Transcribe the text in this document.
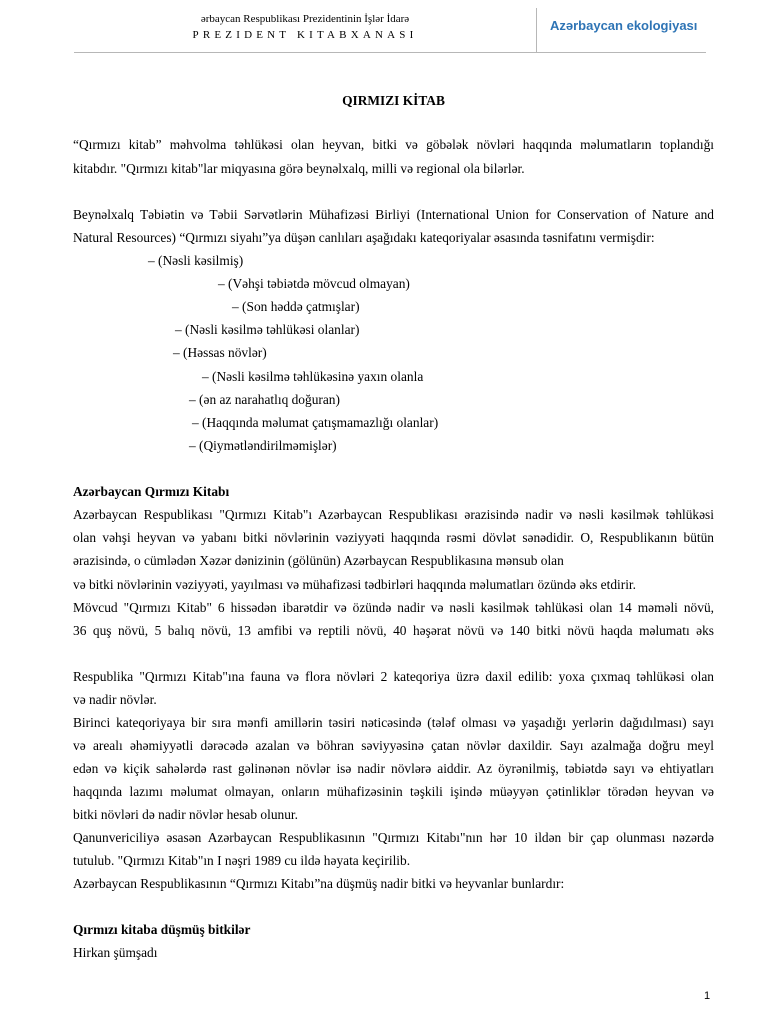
ərbaycan Respublikası Prezidentinin İşlər İdarə
PREZIDENT KITABXANASI
Azərbaycan ekologiyası
QIRMIZI KİTAB
“Qırmızı kitab” məhvolma təhlükəsi olan heyvan, bitki və göbələk növləri haqqında məlumatların toplandığı
kitabdır. "Qırmızı kitab"lar miqyasına görə beynəlxalq, milli və regional ola bilərlər.
Beynəlxalq Təbiətin və Təbii Sərvətlərin Mühafizəsi Birliyi (International Union for Conservation of Nature and
Natural Resources) “Qırmızı siyahı”ya düşən canlıları aşağıdakı kateqoriyalar əsasında təsnifatını vermişdir:
– (Nəsli kəsilmiş)
– (Vəhşi təbiətdə mövcud olmayan)
– (Son həddə çatmışlar)
– (Nəsli kəsilmə təhlükəsi olanlar)
– (Həssas növlər)
– (Nəsli kəsilmə təhlükəsinə yaxın olanla
– (ən az narahatlıq doğuran)
– (Haqqında məlumat çatışmamazlığı olanlar)
– (Qiymətləndirilməmişlər)
Azərbaycan Qırmızı Kitabı
Azərbaycan Respublikası "Qırmızı Kitab"ı Azərbaycan Respublikası ərazisində nadir və nəsli kəsilmək təhlükəsi
olan vəhşi heyvan və yabanı bitki növlərinin vəziyyəti haqqında rəsmi dövlət sənədidir. O, Respublikanın bütün
ərazisində, o cümlədən Xəzər dənizinin (gölünün) Azərbaycan Respublikasına mənsub olan
və bitki növlərinin vəziyyəti, yayılması və mühafizəsi tədbirləri haqqında məlumatları özündə əks etdirir.
Mövcud "Qırmızı Kitab" 6 hissədən ibarətdir və özündə nadir və nəsli kəsilmək təhlükəsi olan 14 məməli növü,
36 quş növü, 5 balıq növü, 13 amfibi və reptili növü, 40 həşərat növü və 140 bitki növü haqda məlumatı əks
Respublika "Qırmızı Kitab"ına fauna və flora növləri 2 kateqoriya üzrə daxil edilib: yoxa çıxmaq təhlükəsi olan
və nadir növlər.
Birinci kateqoriyaya bir sıra mənfi amillərin təsiri nəticəsində (tələf olması və yaşadığı yerlərin dağıdılması) sayı
və arealı əhəmiyyətli dərəcədə azalan və böhran səviyyəsinə çatan növlər daxildir. Sayı azalmağa doğru meyl
edən və kiçik sahələrdə rast gəlinənən növlər isə nadir növlərə aiddir. Az öyrənilmiş, təbiətdə sayı və ehtiyatları
haqqında lazımı məlumat olmayan, onların mühafizəsinin təşkili işində müəyyən çətinliklər törədən heyvan və
bitki növləri də nadir növlər hesab olunur.
Qanunvericiliyə əsasən Azərbaycan Respublikasının "Qırmızı Kitabı"nın hər 10 ildən bir çap olunması nəzərdə
tutulub. "Qırmızı Kitab"ın I nəşri 1989 cu ildə həyata keçirilib.
Azərbaycan Respublikasının “Qırmızı Kitabı”na düşmüş nadir bitki və heyvanlar bunlardır:
Qırmızı kitaba düşmüş bitkilər
Hirkan şümşadı
1
